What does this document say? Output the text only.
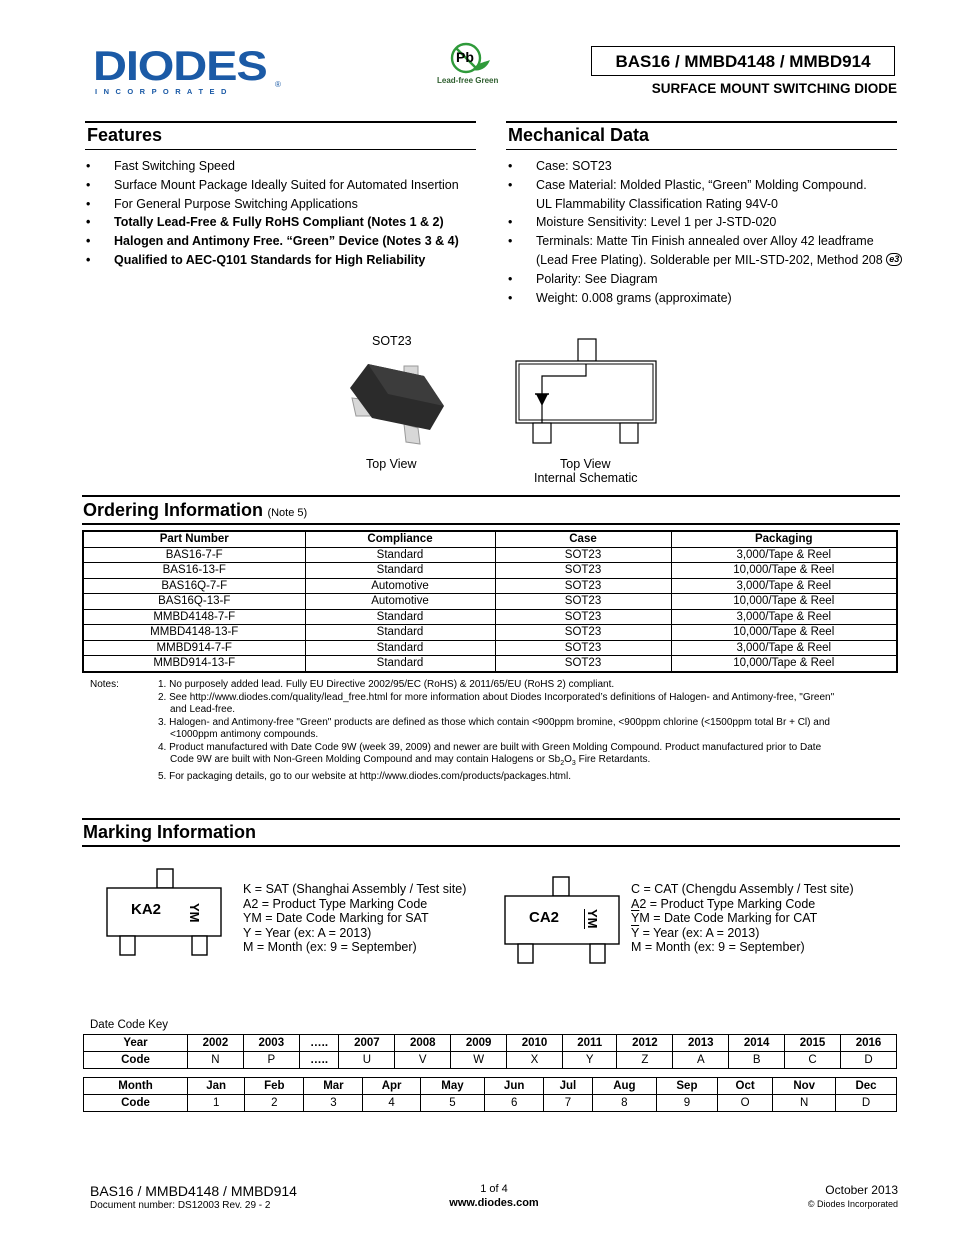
DIODES
I N C O R P O R A T E D
®
Pb
Lead-free Green
BAS16 / MMBD4148 / MMBD914
SURFACE MOUNT SWITCHING DIODE
Features
• Fast Switching Speed
• Surface Mount Package Ideally Suited for Automated Insertion
• For General Purpose Switching Applications
• Totally Lead-Free & Fully RoHS Compliant (Notes 1 & 2)
• Halogen and Antimony Free. “Green” Device (Notes 3 & 4)
• Qualified to AEC-Q101 Standards for High Reliability
Mechanical Data
• Case: SOT23
• Case Material: Molded Plastic, “Green” Molding Compound.
UL Flammability Classification Rating 94V-0
• Moisture Sensitivity: Level 1 per J-STD-020
• Terminals: Matte Tin Finish annealed over Alloy 42 leadframe
(Lead Free Plating). Solderable per MIL-STD-202, Method 208 e3
• Polarity: See Diagram
• Weight: 0.008 grams (approximate)
SOT23
Top View	Top View
Internal Schematic
Ordering Information (Note 5)
Part Number	Compliance	Case	Packaging
BAS16-7-F	Standard	SOT23	3,000/Tape & Reel
BAS16-13-F	Standard	SOT23	10,000/Tape & Reel
BAS16Q-7-F	Automotive	SOT23	3,000/Tape & Reel
BAS16Q-13-F	Automotive	SOT23	10,000/Tape & Reel
MMBD4148-7-F	Standard	SOT23	3,000/Tape & Reel
MMBD4148-13-F	Standard	SOT23	10,000/Tape & Reel
MMBD914-7-F	Standard	SOT23	3,000/Tape & Reel
MMBD914-13-F	Standard	SOT23	10,000/Tape & Reel
Notes:	1. No purposely added lead. Fully EU Directive 2002/95/EC (RoHS) & 2011/65/EU (RoHS 2) compliant.
2. See http://www.diodes.com/quality/lead_free.html for more information about Diodes Incorporated’s definitions of Halogen- and Antimony-free, "Green"
and Lead-free.
3. Halogen- and Antimony-free "Green" products are defined as those which contain <900ppm bromine, <900ppm chlorine (<1500ppm total Br + Cl) and
<1000ppm antimony compounds.
4. Product manufactured with Date Code 9W (week 39, 2009) and newer are built with Green Molding Compound. Product manufactured prior to Date
Code 9W are built with Non-Green Molding Compound and may contain Halogens or $Sb_2O_3$ Fire Retardants.
5. For packaging details, go to our website at http://www.diodes.com/products/packages.html.
Marking Information
KA2 YM
K = SAT (Shanghai Assembly / Test site)
A2 = Product Type Marking Code
YM = Date Code Marking for SAT
Y = Year (ex: A = 2013)
M = Month (ex: 9 = September)
CA2 YM
C = CAT (Chengdu Assembly / Test site)
A2 = Product Type Marking Code
$\overline{Y}M$ = Date Code Marking for CAT
$\overline{Y}$ = Year (ex: A = 2013)
M = Month (ex: 9 = September)
Date Code Key
Year	2002	2003	…..	2007	2008	2009	2010	2011	2012	2013	2014	2015	2016
Code	N	P	…..	U	V	W	X	Y	Z	A	B	C	D
Month	Jan	Feb	Mar	Apr	May	Jun	Jul	Aug	Sep	Oct	Nov	Dec
Code	1	2	3	4	5	6	7	8	9	O	N	D
BAS16 / MMBD4148 / MMBD914
Document number: DS12003 Rev. 29 - 2
1 of 4
www.diodes.com
October 2013
© Diodes Incorporated
